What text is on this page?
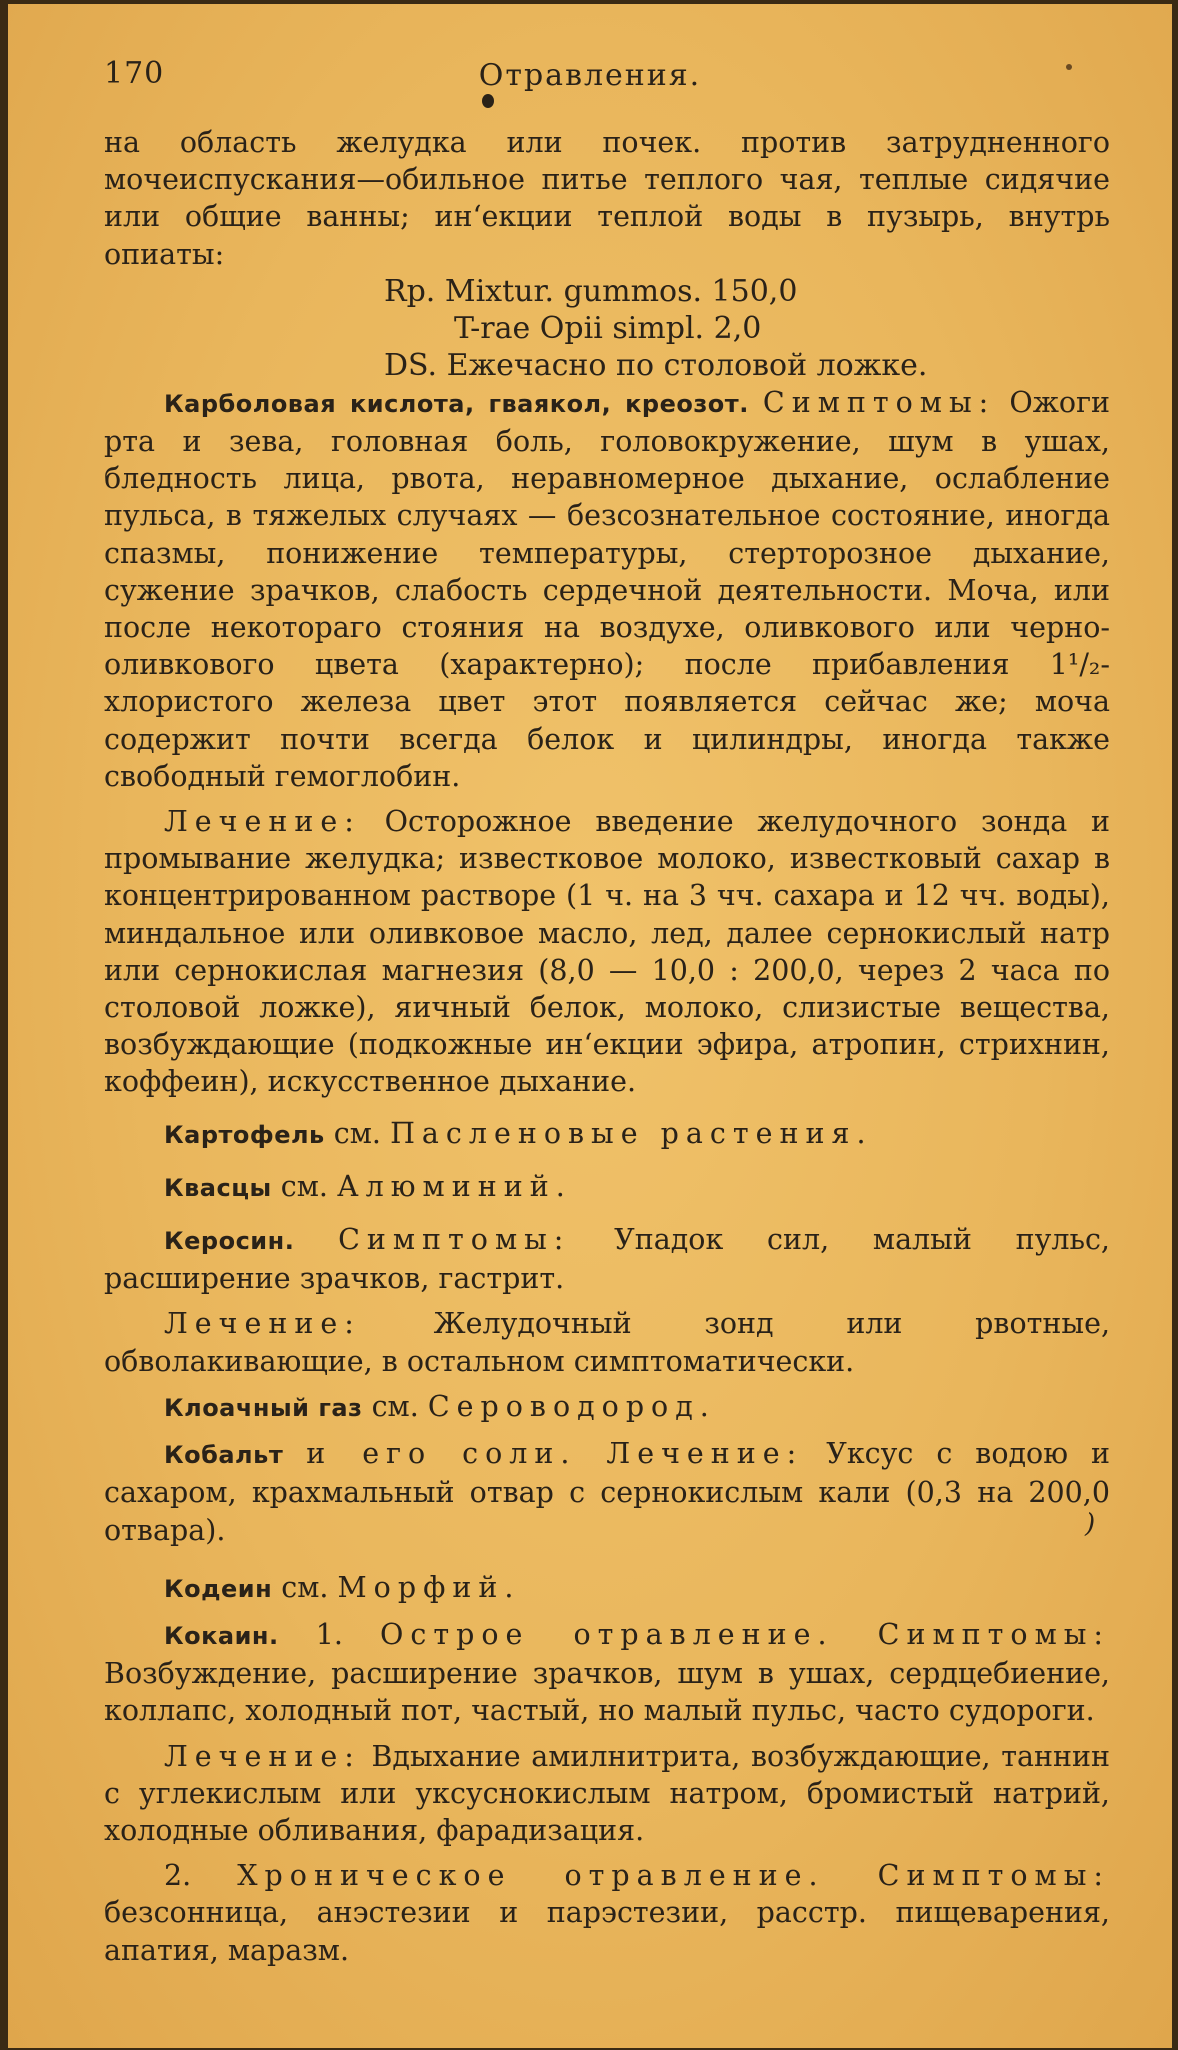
170	Отравления.

на область желудка или почек. против затрудненного мочеиспускания—обильное питье теплого чая, теплые сидячие или общие ванны; ин‘екции теплой воды в пузырь, внутрь опиаты:

Rp. Mixtur. gummos. 150,0

T-rae Opii simpl. 2,0

DS. Ежечасно по столовой ложке.

Карболовая кислота, гваякол, креозот. Симптомы: Ожоги рта и зева, головная боль, головокружение, шум в ушах, бледность лица, рвота, неравномерное дыхание, ослабление пульса, в тяжелых случаях — безсознательное состояние, иногда спазмы, понижение температуры, стерторозное дыхание, сужение зрачков, слабость сердечной деятельности. Моча, или после некотораго стояния на воздухе, оливкового или черно-оливкового цвета (характерно); после прибавления 1¹/₂-хлористого железа цвет этот появляется сейчас же; моча содержит почти всегда белок и цилиндры, иногда также свободный гемоглобин.

Лечение: Осторожное введение желудочного зонда и промывание желудка; известковое молоко, известковый сахар в концентрированном растворе (1 ч. на 3 чч. сахара и 12 чч. воды), миндальное или оливковое масло, лед, далее сернокислый натр или сернокислая магнезия (8,0 — 10,0 : 200,0, через 2 часа по столовой ложке), яичный белок, молоко, слизистые вещества, возбуждающие (подкожные ин‘екции эфира, атропин, стрихнин, коффеин), искусственное дыхание.

Картофель см. Пасленовые растения.

Квасцы см. Алюминий.

Керосин. Симптомы: Упадок сил, малый пульс, расширение зрачков, гастрит.

Лечение:	Желудочный зонд или рвотные, обволакивающие, в остальном симптоматически.

Клоачный газ см. Сероводород.

Кобальт и его соли. Лечение: Уксус с водою и сахаром, крахмальный отвар с сернокислым кали (0,3 на 200,0 отвара).

Кодеин см. Морфий.

Кокаин. 1. Острое отравление. Симптомы: Возбуждение, расширение зрачков, шум в ушах, сердцебиение, коллапс, холодный пот, частый, но малый пульс, часто судороги.

Лечение: Вдыхание амилнитрита, возбуждающие, таннин с углекислым или уксуснокислым натром, бромистый натрий, холодные обливания, фарадизация.

2. Хроническое отравление. Симптомы: безсонница, анэстезии и парэстезии, расстр. пищеварения, апатия, маразм.

)
